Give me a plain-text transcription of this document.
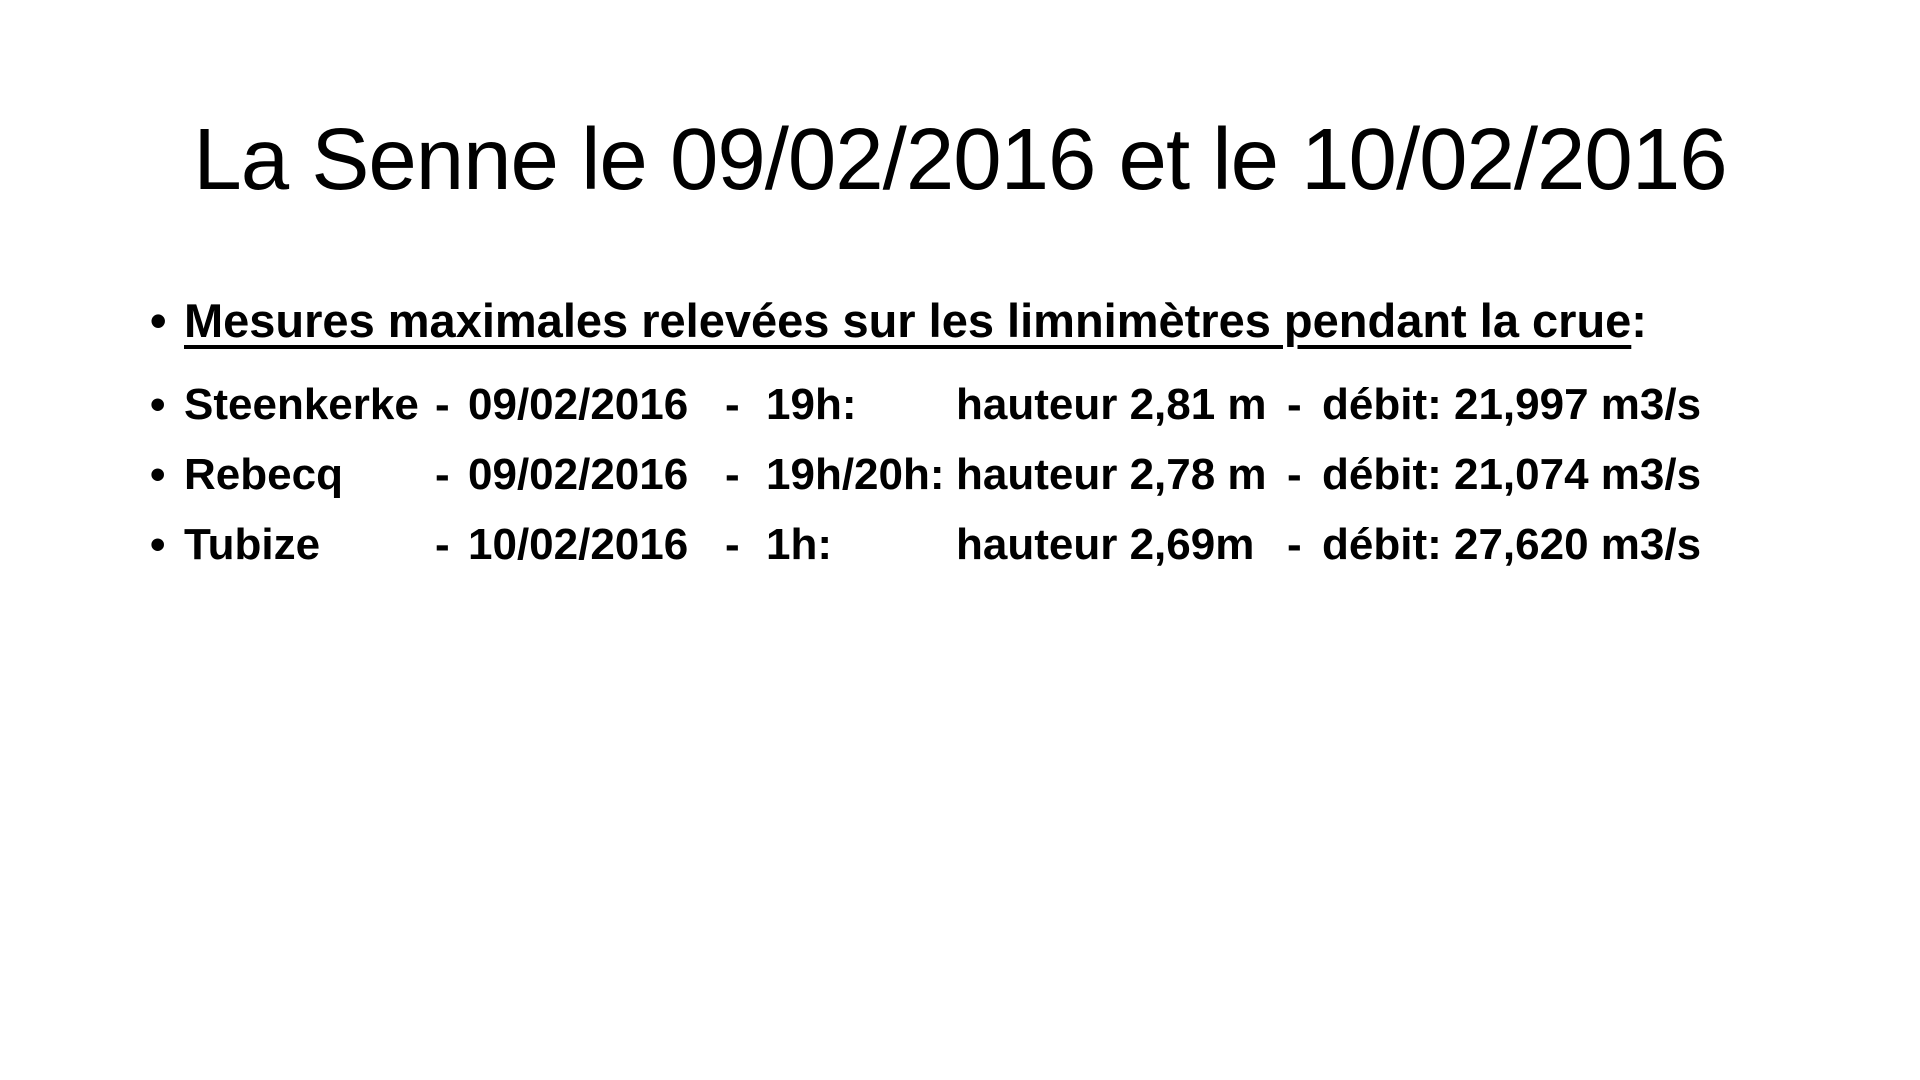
La Senne le 09/02/2016 et le 10/02/2016
• Mesures maximales relevées sur les limnimètres pendant la crue:
• Steenkerke - 09/02/2016 - 19h:	hauteur 2,81 m - débit: 21,997 m3/s
• Rebecq	- 09/02/2016 - 19h/20h: hauteur 2,78 m - débit: 21,074 m3/s
• Tubize	- 10/02/2016 - 1h:	hauteur 2,69m - débit: 27,620 m3/s
